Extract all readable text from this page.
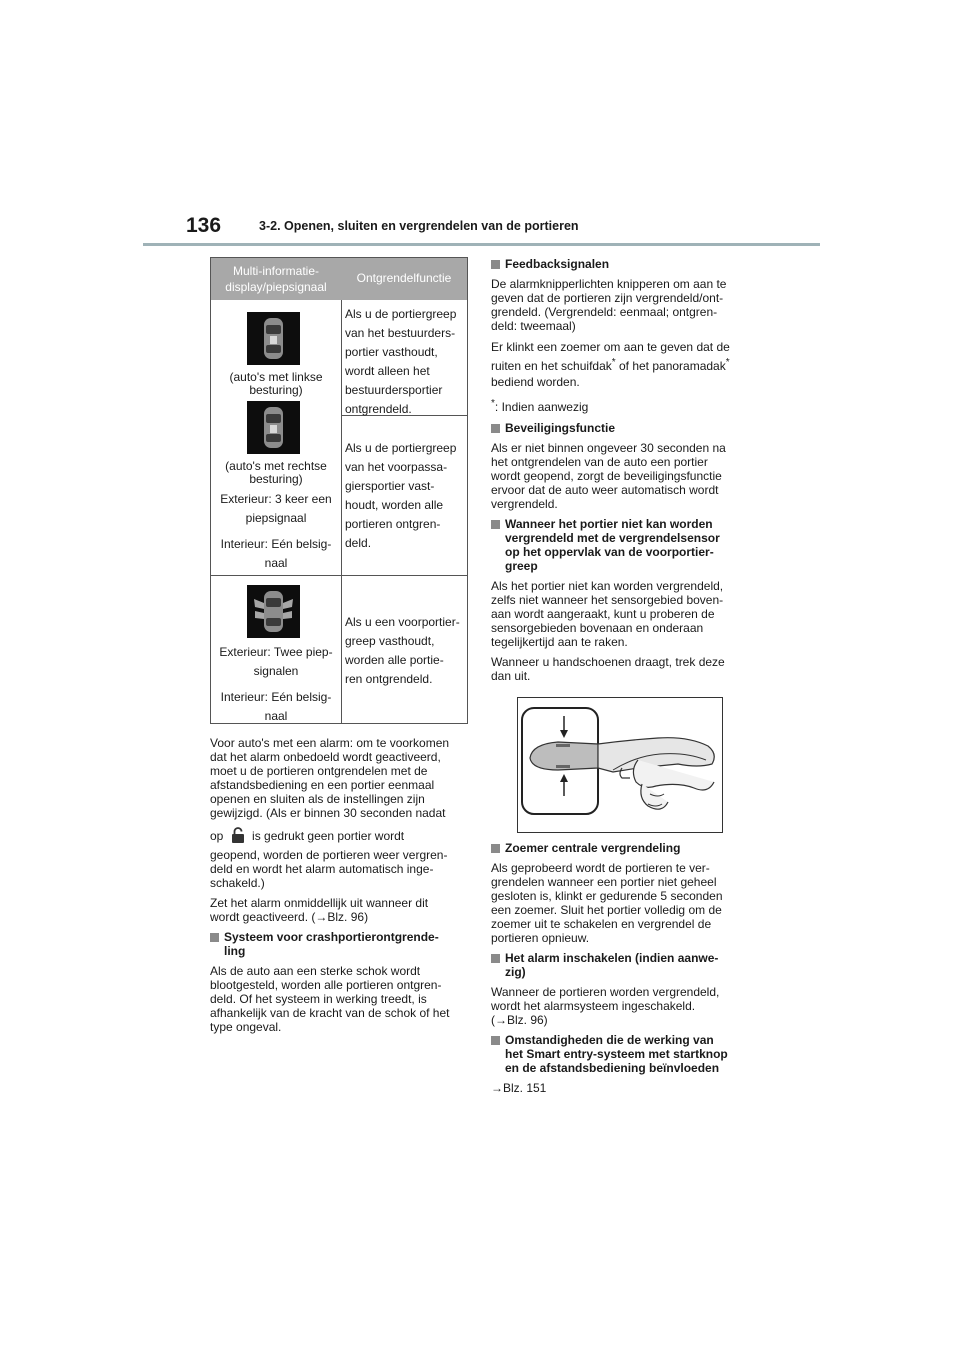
136	3-2. Openen, sluiten en vergrendelen van de portieren
Multi-informatie-
display/piepsignaal
Ontgrendelfunctie
(auto's met linkse
besturing)
(auto's met rechtse
besturing)
Exterieur: 3 keer een
piepsignaal
Interieur: Eén belsig-
naal
Als u de portiergreep
van het bestuurders-
portier vasthoudt,
wordt alleen het
bestuurdersportier
ontgrendeld.
Als u de portiergreep
van het voorpassa-
giersportier vast-
houdt, worden alle
portieren ontgren-
deld.
Exterieur: Twee piep-
signalen
Interieur: Eén belsig-
naal
Als u een voorportier-
greep vasthoudt,
worden alle portie-
ren ontgrendeld.

Voor auto's met een alarm: om te voorkomen
dat het alarm onbedoeld wordt geactiveerd,
moet u de portieren ontgrendelen met de
afstandsbediening en een portier eenmaal
openen en sluiten als de instellingen zijn
gewijzigd. (Als er binnen 30 seconden nadat

op is gedrukt geen portier wordt

geopend, worden de portieren weer vergren-
deld en wordt het alarm automatisch inge-
schakeld.)

Zet het alarm onmiddellijk uit wanneer dit
wordt geactiveerd. (→Blz. 96)

Systeem voor crashportierontgrende-
ling

Als de auto aan een sterke schok wordt
blootgesteld, worden alle portieren ontgren-
deld. Of het systeem in werking treedt, is
afhankelijk van de kracht van de schok of het
type ongeval.

Feedbacksignalen

De alarmknipperlichten knipperen om aan te
geven dat de portieren zijn vergrendeld/ont-
grendeld. (Vergrendeld: eenmaal; ontgren-
deld: tweemaal)

Er klinkt een zoemer om aan te geven dat de
ruiten en het schuifdak* of het panoramadak*
bediend worden.

*: Indien aanwezig

Beveiligingsfunctie

Als er niet binnen ongeveer 30 seconden na
het ontgrendelen van de auto een portier
wordt geopend, zorgt de beveiligingsfunctie
ervoor dat de auto weer automatisch wordt
vergrendeld.

Wanneer het portier niet kan worden
vergrendeld met de vergrendelsensor
op het oppervlak van de voorportier-
greep

Als het portier niet kan worden vergrendeld,
zelfs niet wanneer het sensorgebied boven-
aan wordt aangeraakt, kunt u proberen de
sensorgebieden bovenaan en onderaan
tegelijkertijd aan te raken.

Wanneer u handschoenen draagt, trek deze
dan uit.

Zoemer centrale vergrendeling

Als geprobeerd wordt de portieren te ver-
grendelen wanneer een portier niet geheel
gesloten is, klinkt er gedurende 5 seconden
een zoemer. Sluit het portier volledig om de
zoemer uit te schakelen en vergrendel de
portieren opnieuw.

Het alarm inschakelen (indien aanwe-
zig)

Wanneer de portieren worden vergrendeld,
wordt het alarmsysteem ingeschakeld.
(→Blz. 96)

Omstandigheden die de werking van
het Smart entry-systeem met startknop
en de afstandsbediening beïnvloeden

→Blz. 151
